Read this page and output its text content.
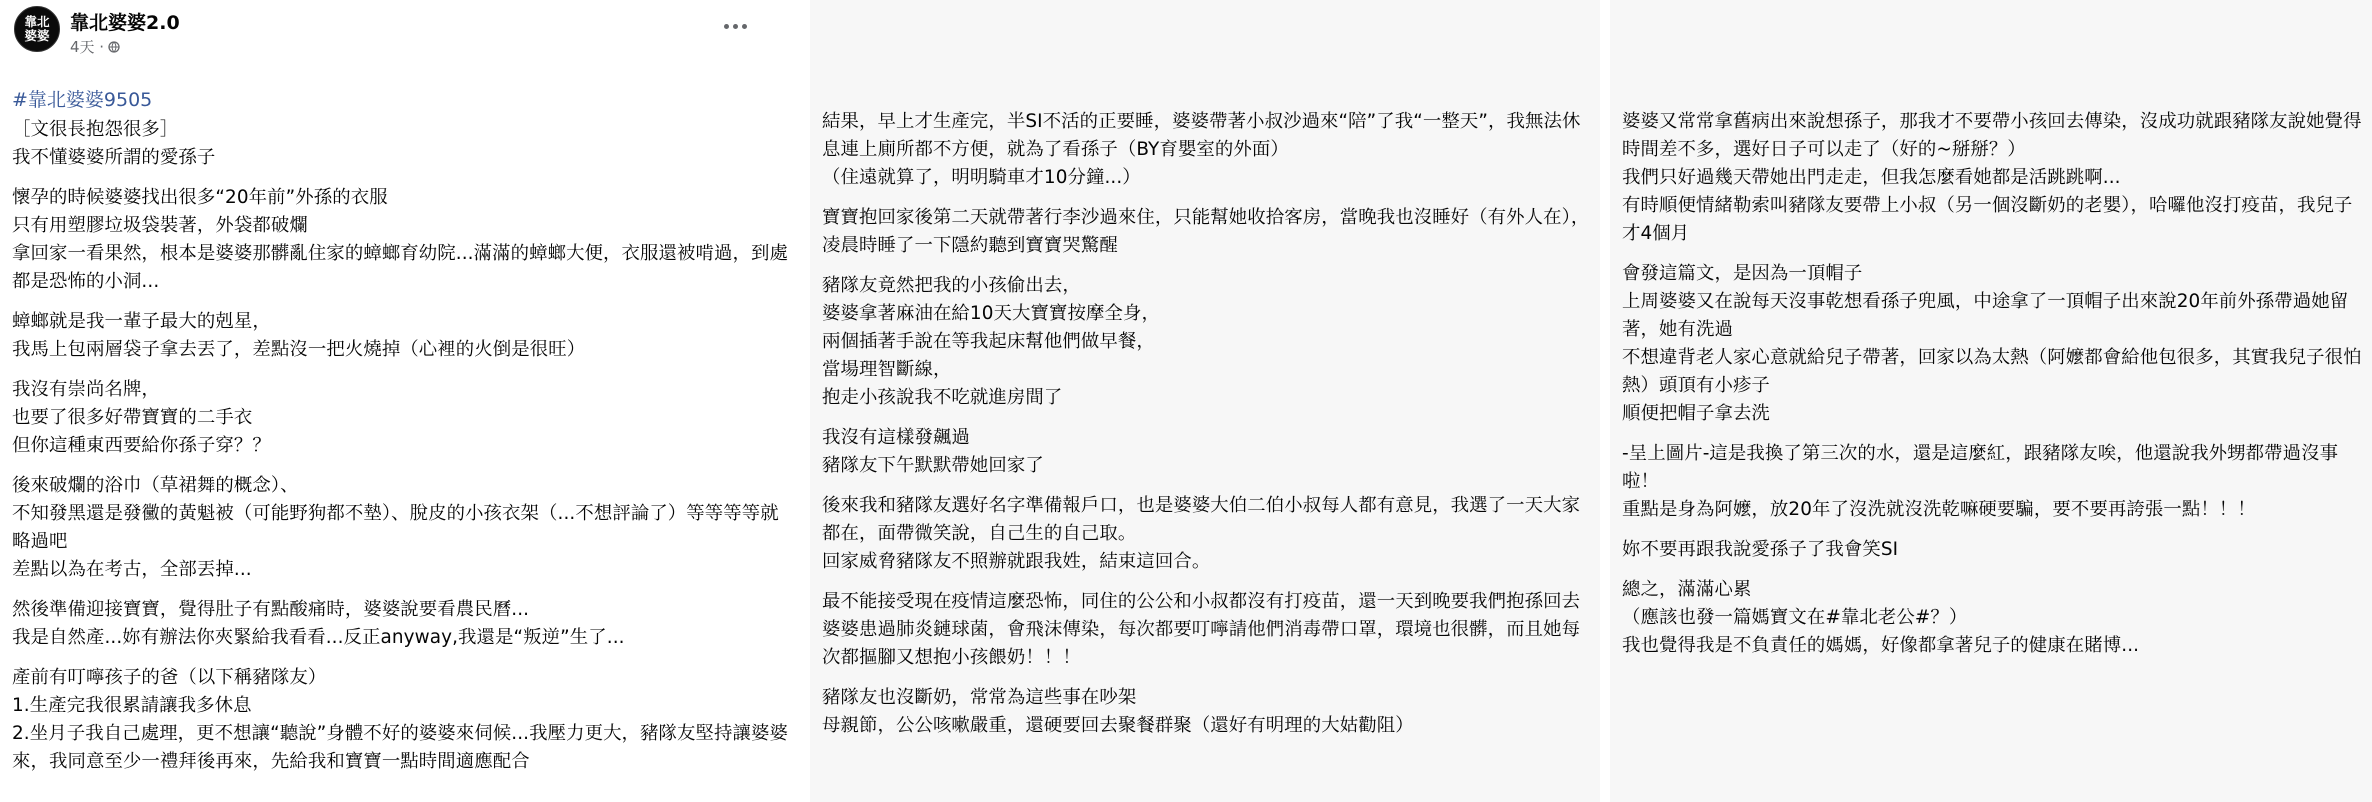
靠北
婆婆
靠北婆婆2.0
4天 ·
#靠北婆婆9505

［文很長抱怨很多］
我不懂婆婆所謂的愛孫子

懷孕的時候婆婆找出很多“20年前”外孫的衣服
只有用塑膠垃圾袋裝著，外袋都破爛
拿回家一看果然，根本是婆婆那髒亂住家的蟑螂育幼院...滿滿的蟑螂大便，衣服還被啃過，到處都是恐怖的小洞...

蟑螂就是我一輩子最大的剋星，
我馬上包兩層袋子拿去丟了，差點沒一把火燒掉（心裡的火倒是很旺）

我沒有崇尚名牌，
也要了很多好帶寶寶的二手衣
但你這種東西要給你孫子穿？？

後來破爛的浴巾（草裙舞的概念）、
不知發黑還是發黴的黃魁被（可能野狗都不墊）、脫皮的小孩衣架（...不想評論了）等等等等就略過吧
差點以為在考古，全部丟掉...

然後準備迎接寶寶，覺得肚子有點酸痛時，婆婆說要看農民曆...
我是自然產...妳有辦法你夾緊給我看看...反正anyway,我還是“叛逆”生了...

產前有叮嚀孩子的爸（以下稱豬隊友）
1.生產完我很累請讓我多休息
2.坐月子我自己處理，更不想讓“聽說”身體不好的婆婆來伺候...我壓力更大，豬隊友堅持讓婆婆來，我同意至少一禮拜後再來，先給我和寶寶一點時間適應配合

結果，早上才生產完，半SI不活的正要睡，婆婆帶著小叔沙過來“陪”了我“一整天”，我無法休息連上廁所都不方便，就為了看孫子（BY育嬰室的外面）
（住遠就算了，明明騎車才10分鐘...）

寶寶抱回家後第二天就帶著行李沙過來住，只能幫她收拾客房，當晚我也沒睡好（有外人在），凌晨時睡了一下隱約聽到寶寶哭驚醒

豬隊友竟然把我的小孩偷出去，
婆婆拿著麻油在給10天大寶寶按摩全身，
兩個插著手說在等我起床幫他們做早餐，
當場理智斷線，
抱走小孩說我不吃就進房間了

我沒有這樣發飆過
豬隊友下午默默帶她回家了

後來我和豬隊友選好名字準備報戶口，也是婆婆大伯二伯小叔每人都有意見，我選了一天大家都在，面帶微笑說，自己生的自己取。
回家威脅豬隊友不照辦就跟我姓，結束這回合。

最不能接受現在疫情這麼恐怖，同住的公公和小叔都沒有打疫苗，還一天到晚要我們抱孫回去
婆婆患過肺炎鏈球菌，會飛沫傳染，每次都要叮嚀請他們消毒帶口罩，環境也很髒，而且她每次都摳腳又想抱小孩餵奶！！！

豬隊友也沒斷奶，常常為這些事在吵架
母親節，公公咳嗽嚴重，還硬要回去聚餐群聚（還好有明理的大姑勸阻）

婆婆又常常拿舊病出來說想孫子，那我才不要帶小孩回去傳染，沒成功就跟豬隊友說她覺得時間差不多，選好日子可以走了（好的~掰掰？）
我們只好過幾天帶她出門走走，但我怎麼看她都是活跳跳啊...
有時順便情緒勒索叫豬隊友要帶上小叔（另一個沒斷奶的老嬰），哈囉他沒打疫苗，我兒子才4個月

會發這篇文，是因為一頂帽子
上周婆婆又在說每天沒事乾想看孫子兜風，中途拿了一頂帽子出來說20年前外孫帶過她留著，她有洗過
不想違背老人家心意就給兒子帶著，回家以為太熱（阿嬤都會給他包很多，其實我兒子很怕熱）頭頂有小疹子
順便把帽子拿去洗

-呈上圖片-這是我換了第三次的水，還是這麼紅，跟豬隊友唉，他還說我外甥都帶過沒事啦！
重點是身為阿嬤，放20年了沒洗就沒洗乾嘛硬要騙，要不要再誇張一點！！！

妳不要再跟我說愛孫子了我會笑SI

總之，滿滿心累
（應該也發一篇媽寶文在#靠北老公#？）
我也覺得我是不負責任的媽媽，好像都拿著兒子的健康在賭博...
